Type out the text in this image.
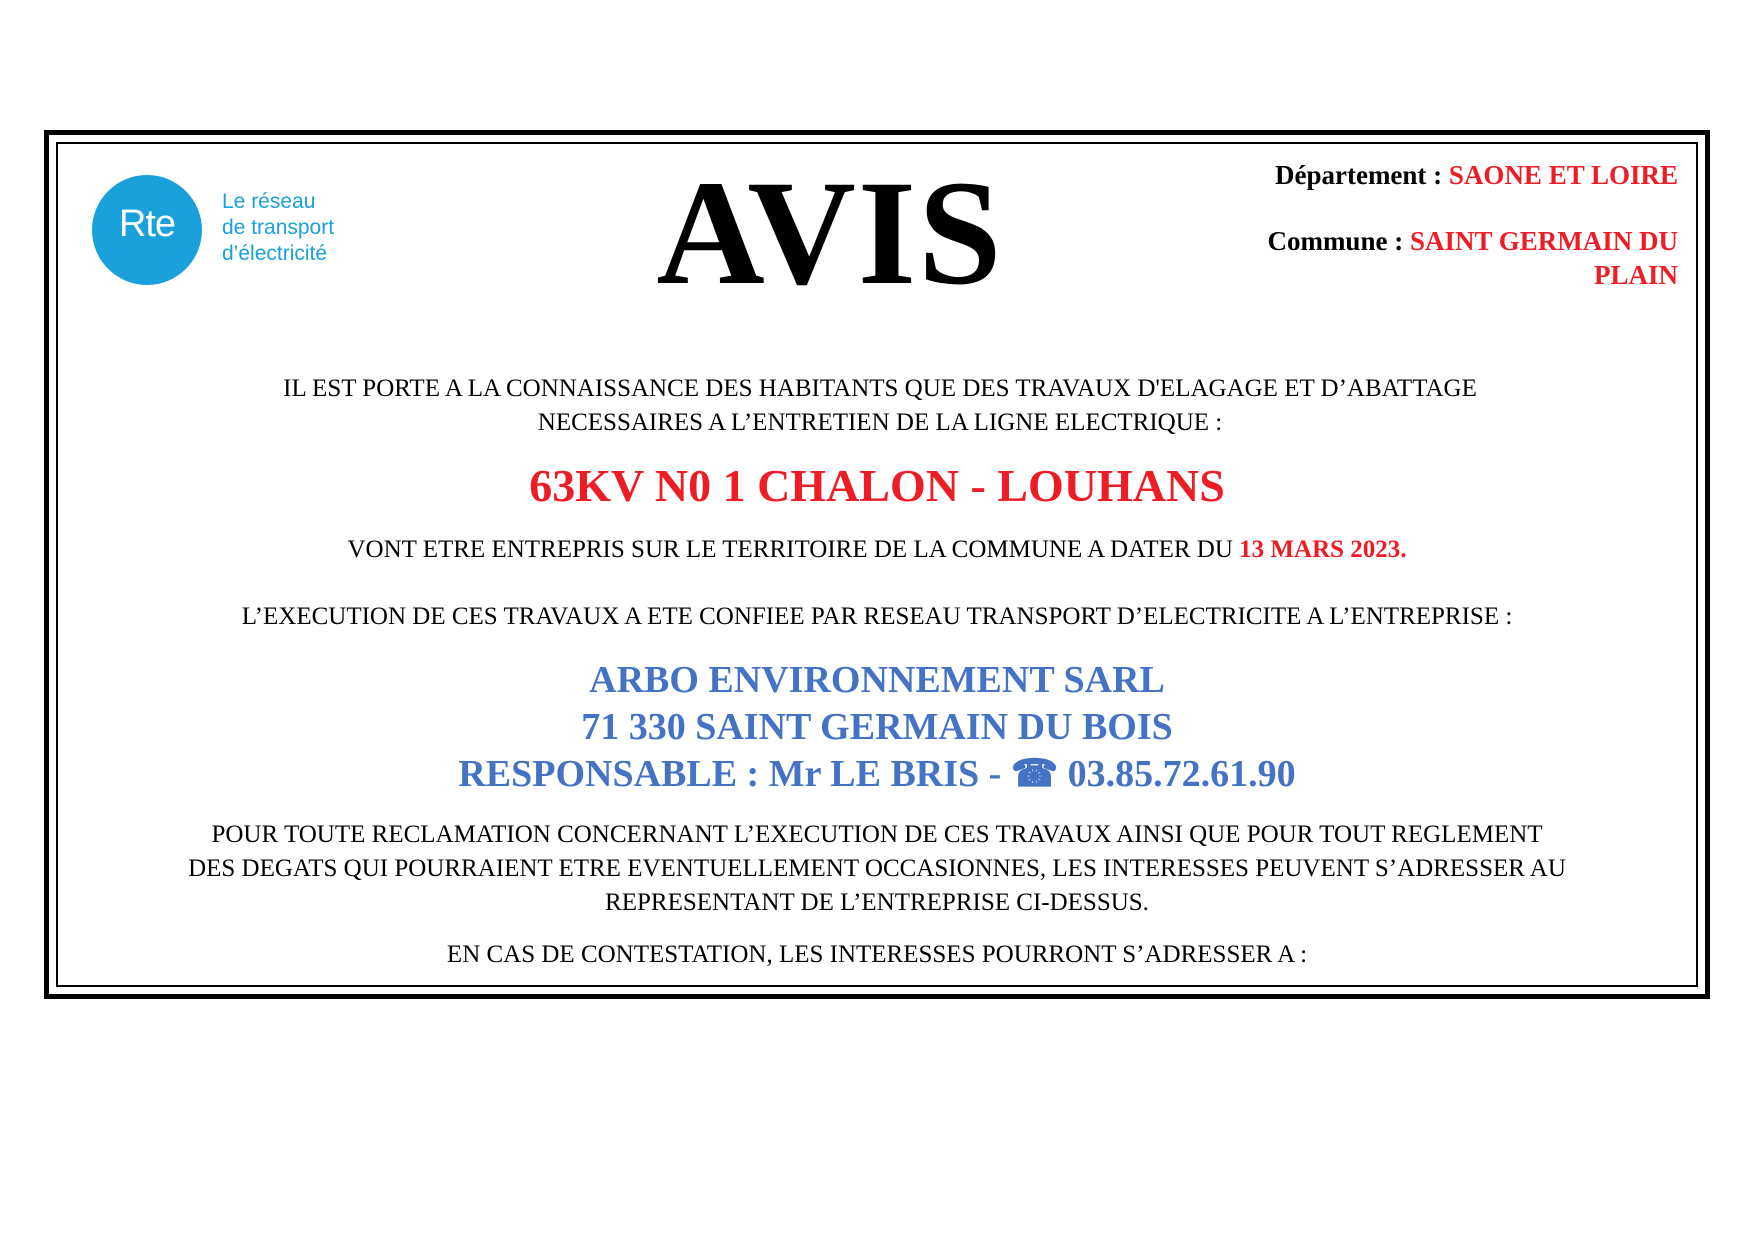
Rte
Le réseau
de transport
d’électricité AVIS	Département : SAONE ET LOIRE
Commune : SAINT GERMAIN DU
PLAIN
IL EST PORTE A LA CONNAISSANCE DES HABITANTS QUE DES TRAVAUX D'ELAGAGE ET D’ABATTAGE
NECESSAIRES A L’ENTRETIEN DE LA LIGNE ELECTRIQUE :
63KV N0 1 CHALON - LOUHANS
VONT ETRE ENTREPRIS SUR LE TERRITOIRE DE LA COMMUNE A DATER DU 13 MARS 2023.
L’EXECUTION DE CES TRAVAUX A ETE CONFIEE PAR RESEAU TRANSPORT D’ELECTRICITE A L’ENTREPRISE :
ARBO ENVIRONNEMENT SARL
71 330 SAINT GERMAIN DU BOIS
RESPONSABLE : Mr LE BRIS - ☎ 03.85.72.61.90
POUR TOUTE RECLAMATION CONCERNANT L’EXECUTION DE CES TRAVAUX AINSI QUE POUR TOUT REGLEMENT
DES DEGATS QUI POURRAIENT ETRE EVENTUELLEMENT OCCASIONNES, LES INTERESSES PEUVENT S’ADRESSER AU
REPRESENTANT DE L’ENTREPRISE CI-DESSUS.
EN CAS DE CONTESTATION, LES INTERESSES POURRONT S’ADRESSER A :
